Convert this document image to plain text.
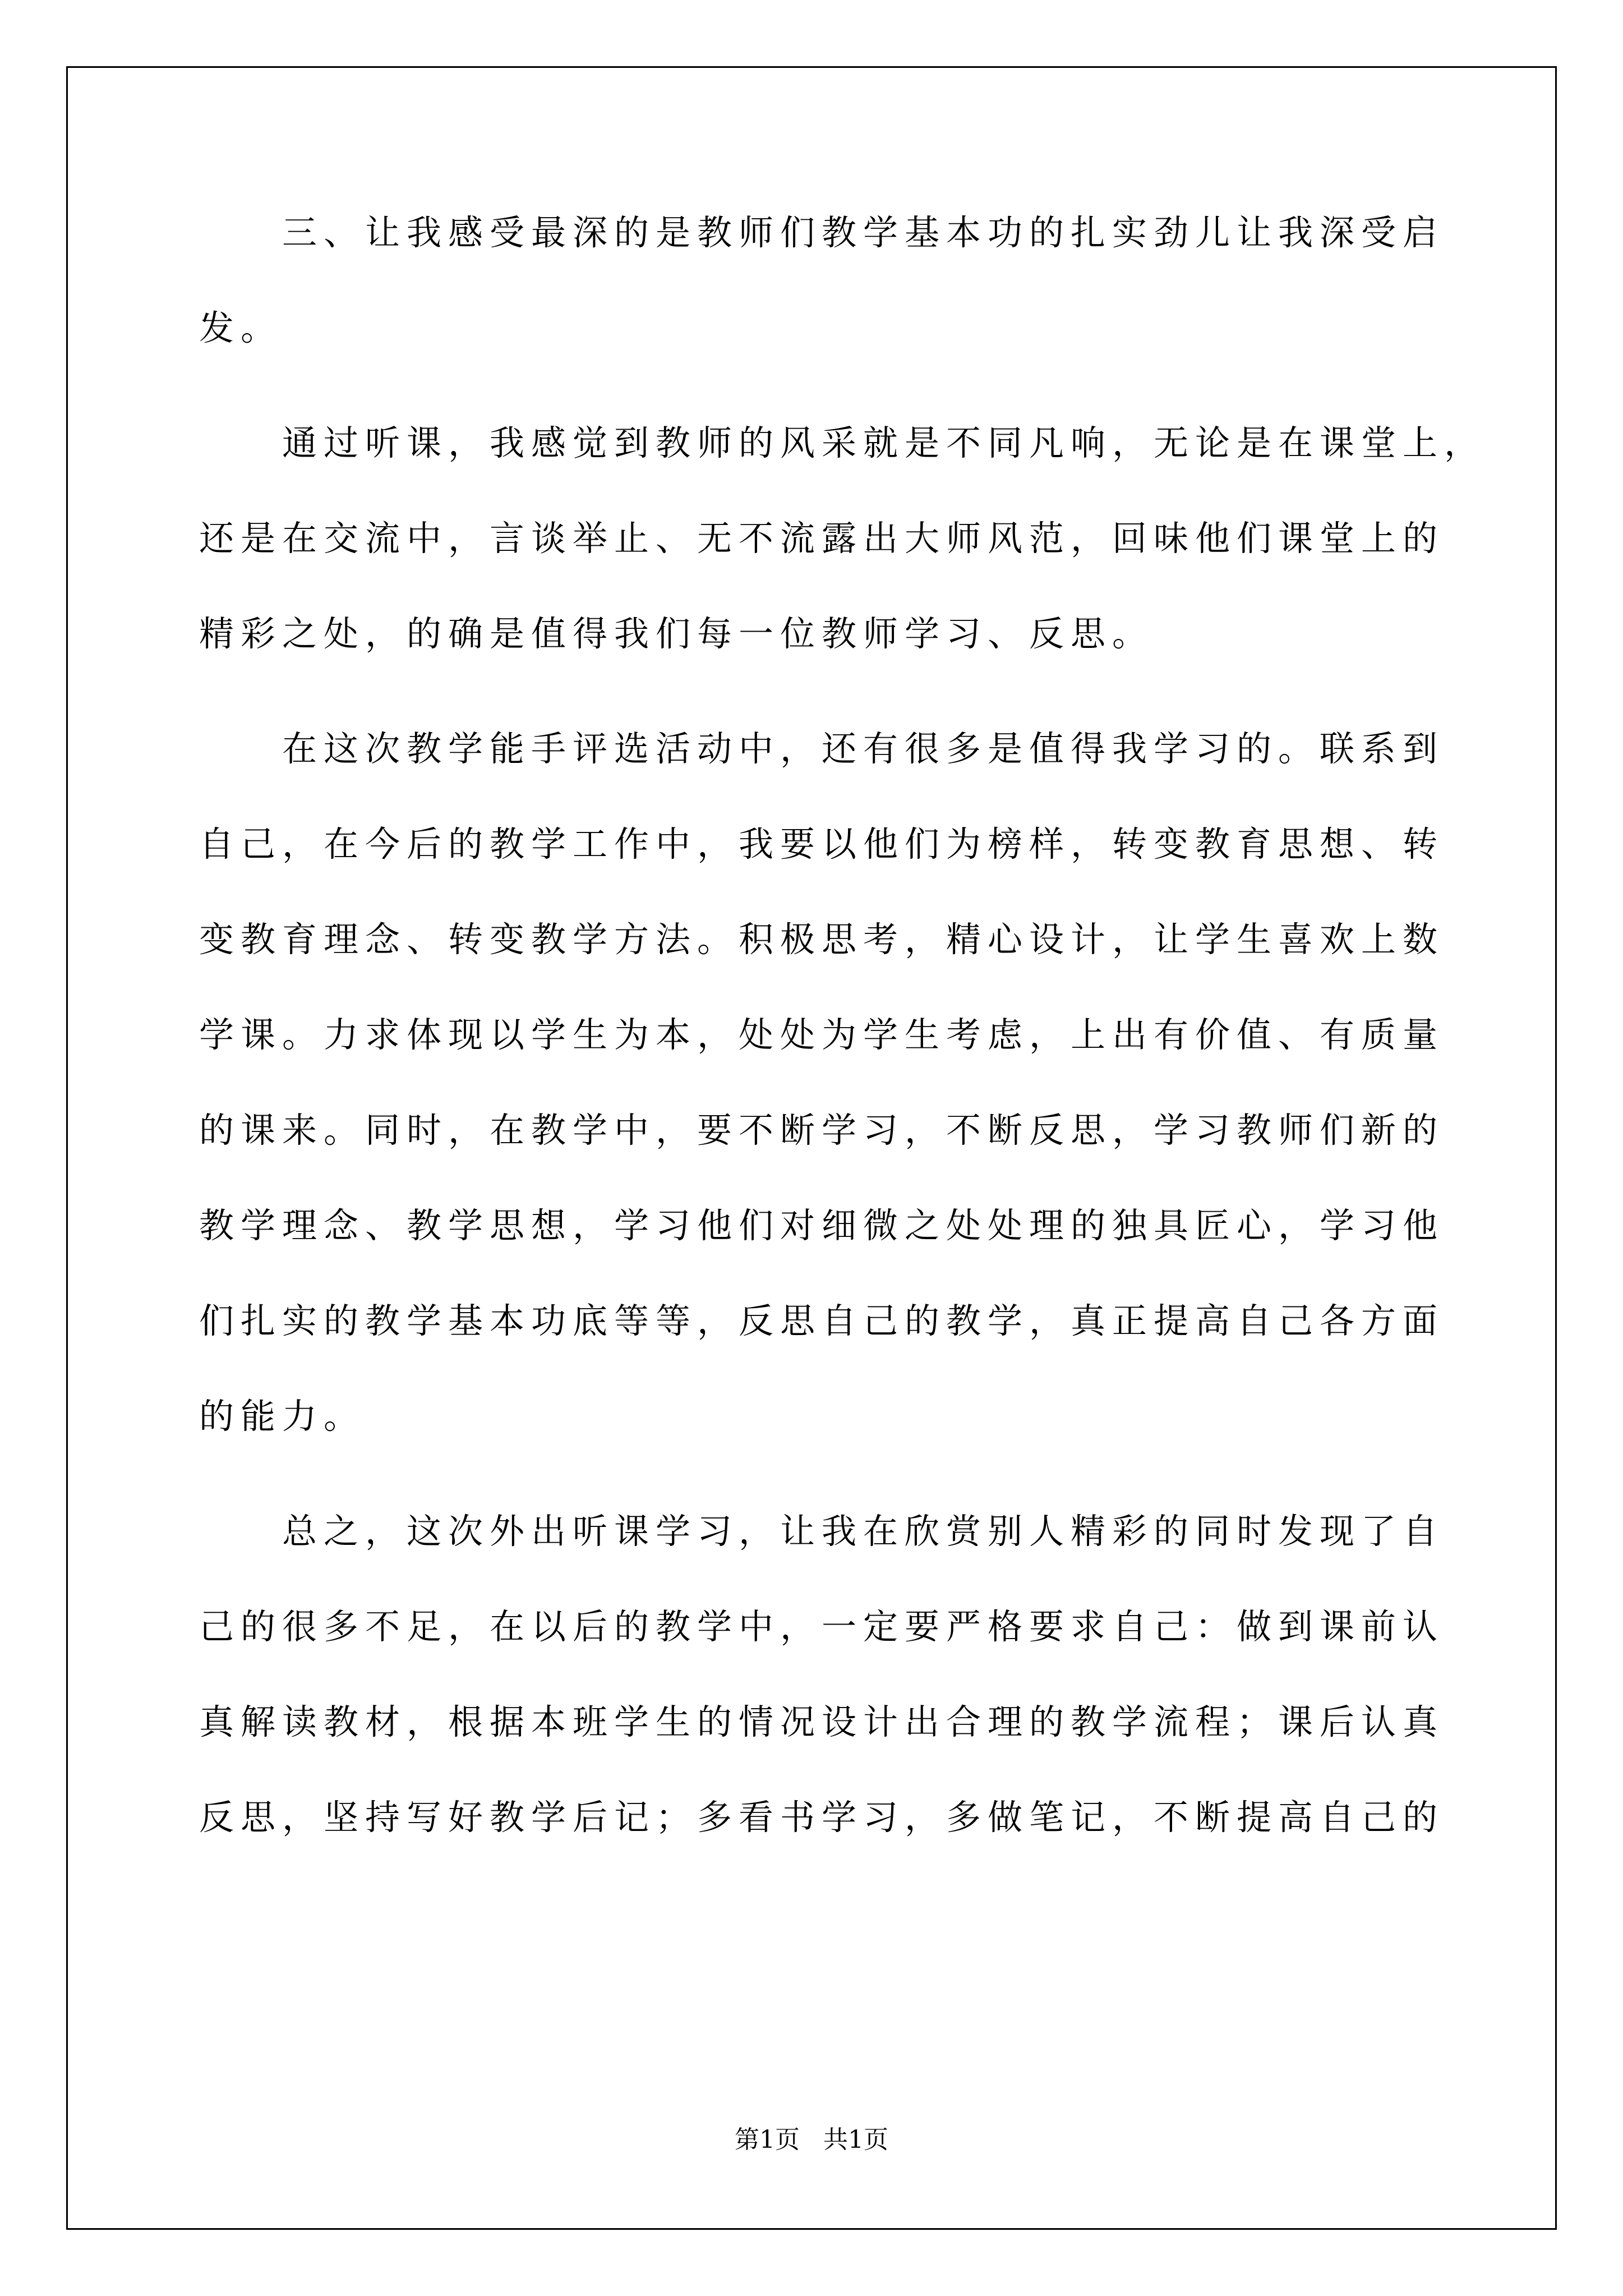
三、让我感受最深的是教师们教学基本功的扎实劲儿让我深受启
发。
通过听课，我感觉到教师的风采就是不同凡响，无论是在课堂上，
还是在交流中，言谈举止、无不流露出大师风范，回味他们课堂上的
精彩之处，的确是值得我们每一位教师学习、反思。
在这次教学能手评选活动中，还有很多是值得我学习的。联系到
自己，在今后的教学工作中，我要以他们为榜样，转变教育思想、转
变教育理念、转变教学方法。积极思考，精心设计，让学生喜欢上数
学课。力求体现以学生为本，处处为学生考虑，上出有价值、有质量
的课来。同时，在教学中，要不断学习，不断反思，学习教师们新的
教学理念、教学思想，学习他们对细微之处处理的独具匠心，学习他
们扎实的教学基本功底等等，反思自己的教学，真正提高自己各方面
的能力。
总之，这次外出听课学习，让我在欣赏别人精彩的同时发现了自
己的很多不足，在以后的教学中，一定要严格要求自己：做到课前认
真解读教材，根据本班学生的情况设计出合理的教学流程；课后认真
反思，坚持写好教学后记；多看书学习，多做笔记，不断提高自己的
第1页   共1页
